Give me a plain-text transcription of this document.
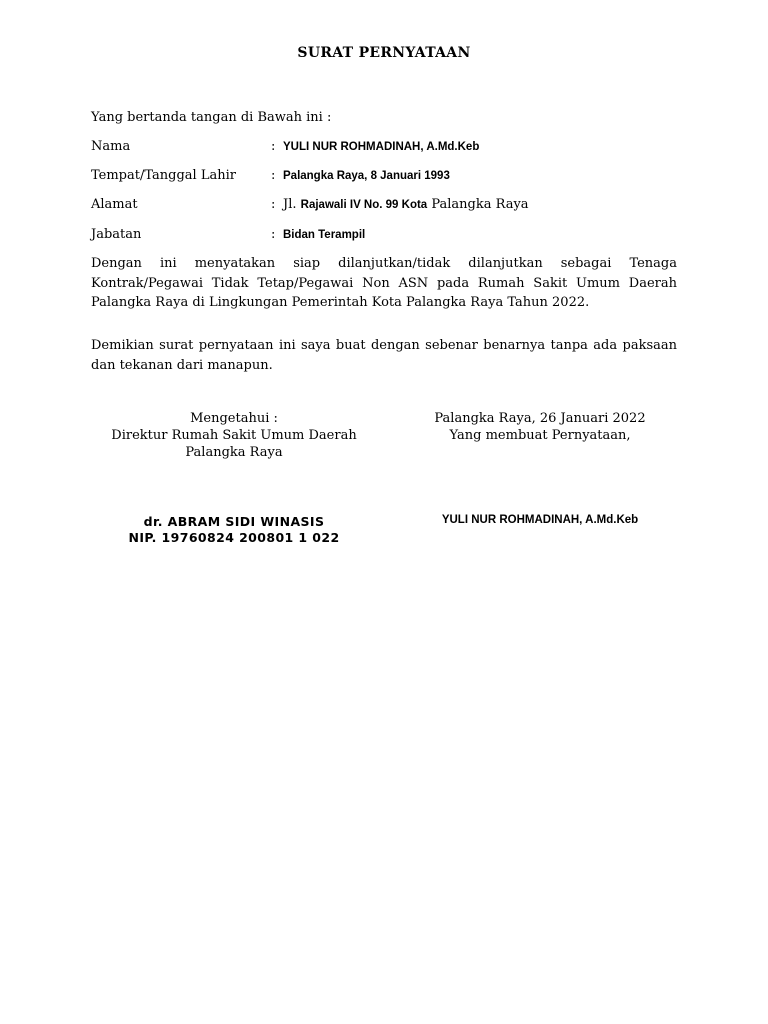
SURAT PERNYATAAN
Yang bertanda tangan di Bawah ini :
Nama	: YULI NUR ROHMADINAH, A.Md.Keb
Tempat/Tanggal Lahir	: Palangka Raya, 8 Januari 1993
Alamat	: Jl. Rajawali IV No. 99 Kota Palangka Raya
Jabatan	: Bidan Terampil
Dengan ini menyatakan siap dilanjutkan/tidak dilanjutkan sebagai Tenaga Kontrak/Pegawai Tidak Tetap/Pegawai Non ASN pada Rumah Sakit Umum Daerah Palangka Raya di Lingkungan Pemerintah Kota Palangka Raya Tahun 2022.
Demikian surat pernyataan ini saya buat dengan sebenar benarnya tanpa ada paksaan dan tekanan dari manapun.
Mengetahui :
Direktur Rumah Sakit Umum Daerah
Palangka Raya
Palangka Raya, 26 Januari 2022
Yang membuat Pernyataan,
dr. ABRAM SIDI WINASIS
NIP. 19760824 200801 1 022
YULI NUR ROHMADINAH, A.Md.Keb
